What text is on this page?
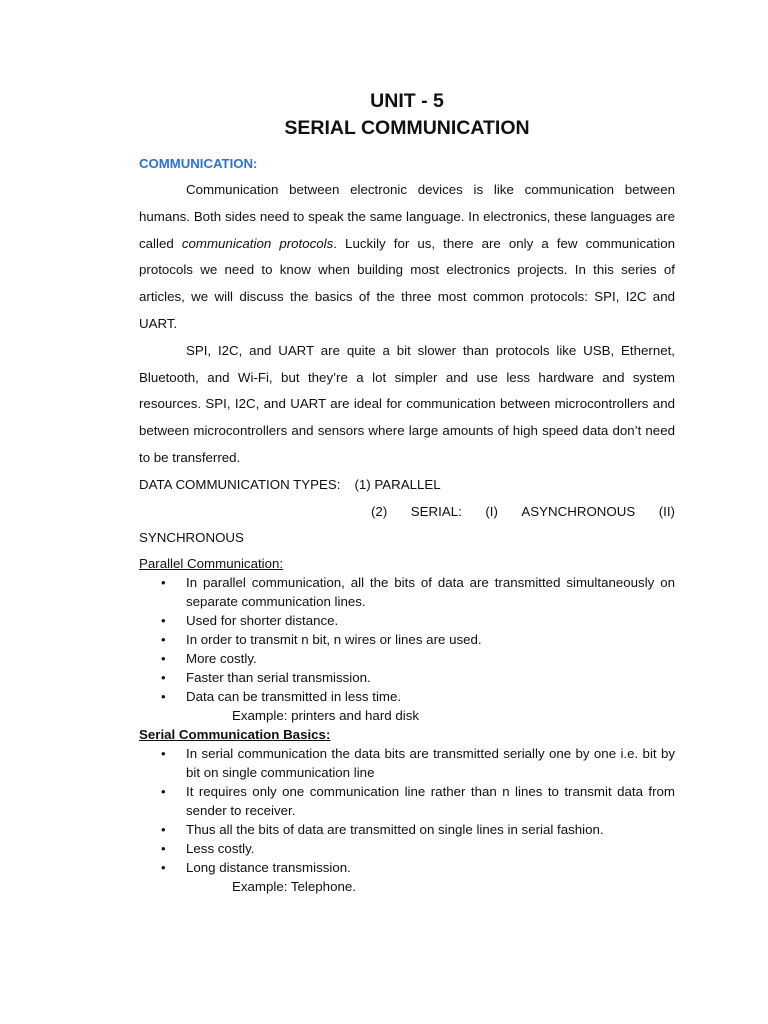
UNIT - 5
SERIAL COMMUNICATION
COMMUNICATION:

Communication between electronic devices is like communication between humans. Both sides need to speak the same language. In electronics, these languages are called communication protocols. Luckily for us, there are only a few communication protocols we need to know when building most electronics projects. In this series of articles, we will discuss the basics of the three most common protocols: SPI, I2C and UART.

SPI, I2C, and UART are quite a bit slower than protocols like USB, Ethernet, Bluetooth, and Wi-Fi, but they’re a lot simpler and use less hardware and system resources. SPI, I2C, and UART are ideal for communication between microcontrollers and between microcontrollers and sensors where large amounts of high speed data don’t need to be transferred.

DATA COMMUNICATION TYPES: (1) PARALLEL
(2) SERIAL: (I) ASYNCHRONOUS (II)
SYNCHRONOUS
Parallel Communication:
• In parallel communication, all the bits of data are transmitted simultaneously on separate communication lines.
• Used for shorter distance.
• In order to transmit n bit, n wires or lines are used.
• More costly.
• Faster than serial transmission.
• Data can be transmitted in less time.
Example: printers and hard disk
Serial Communication Basics:
• In serial communication the data bits are transmitted serially one by one i.e. bit by bit on single communication line
• It requires only one communication line rather than n lines to transmit data from sender to receiver.
• Thus all the bits of data are transmitted on single lines in serial fashion.
• Less costly.
• Long distance transmission.
Example: Telephone.
